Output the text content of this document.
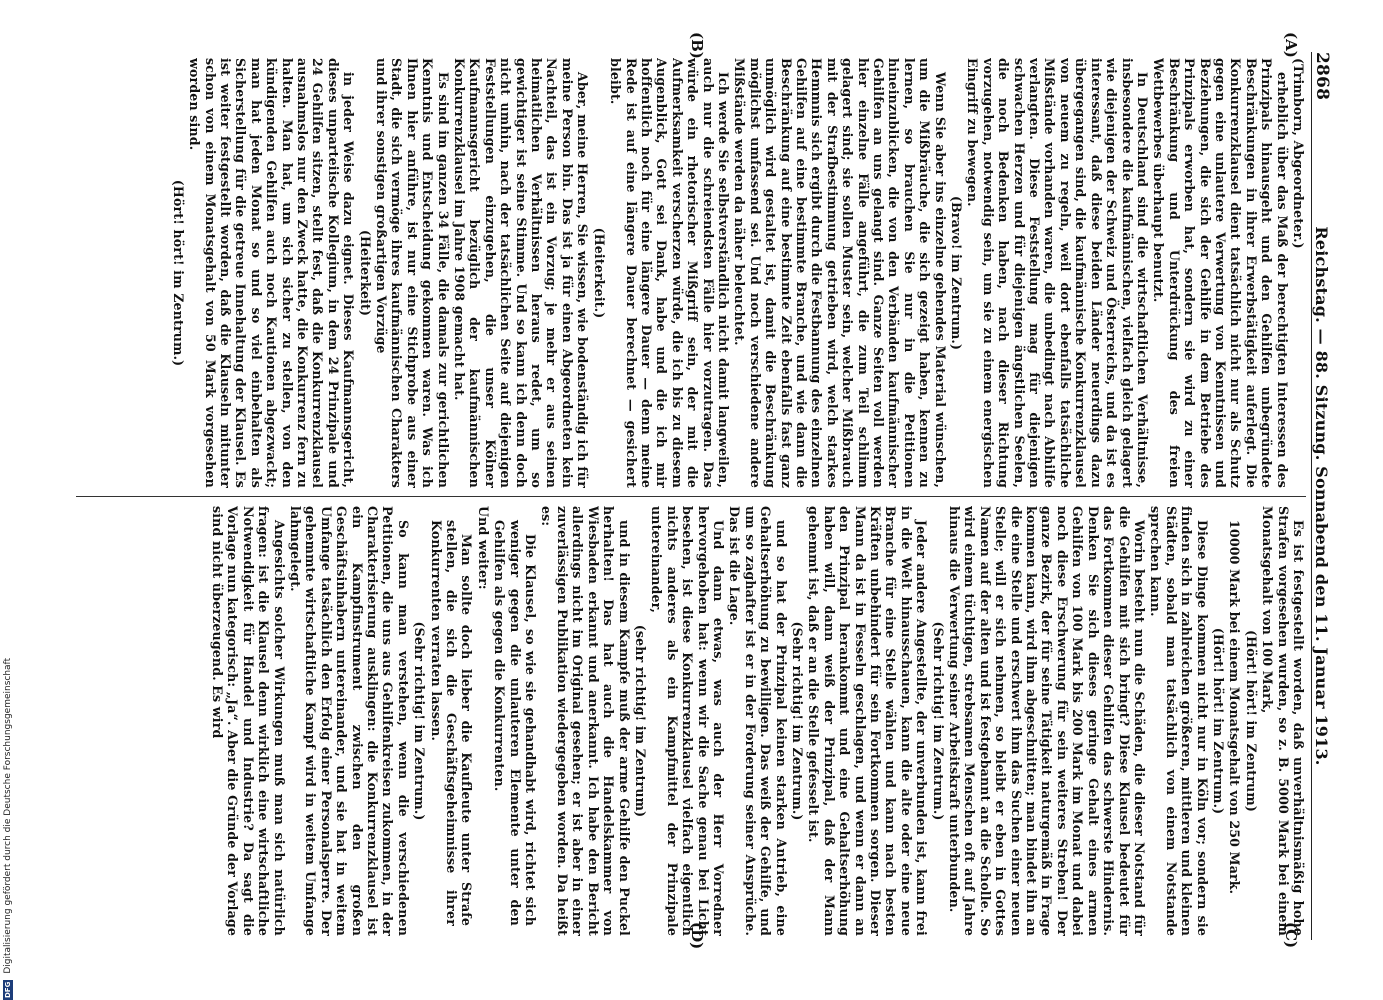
2868
Reichstag. — 88. Sitzung. Sonnabend den 11. Januar 1913.
(A)
(B)
(C)
(D)

(Trimborn, Abgeordneter.)

erheblich über das Maß der berechtigten Interessen des Prinzipals hinausgeht und den Gehilfen unbegründete Beschränkungen in ihrer Erwerbstätigkeit auferlegt. Die Konkurrenzklausel dient tatsächlich nicht nur als Schutz gegen eine unlautere Verwertung von Kenntnissen und Beziehungen, die sich der Gehilfe in dem Betriebe des Prinzipals erworben hat, sondern sie wird zu einer Beschränkung und Unterdrückung des freien Wettbewerbes überhaupt benutzt.

In Deutschland sind die wirtschaftlichen Verhältnisse, insbesondere die kaufmännischen, vielfach gleich gelagert wie diejenigen der Schweiz und Österreichs, und da ist es interessant, daß diese beiden Länder neuerdings dazu übergegangen sind, die kaufmännische Konkurrenzklausel von neuem zu regeln, weil dort ebenfalls tatsächliche Mißstände vorhanden waren, die unbedingt nach Abhilfe verlangten. Diese Feststellung mag für diejenigen schwachen Herzen und für diejenigen ängstlichen Seelen, die noch Bedenken haben, nach dieser Richtung vorzugehen, notwendig sein, um sie zu einem energischen Eingriff zu bewegen.

(Bravo! im Zentrum.)

Wenn Sie aber ins einzelne gehendes Material wünschen, um die Mißbräuche, die sich gezeigt haben, kennen zu lernen, so brauchen Sie nur in die Petitionen hineinzublicken, die von den Verbänden kaufmännischer Gehilfen an uns gelangt sind. Ganze Seiten voll werden hier einzelne Fälle angeführt, die zum Teil schlimm gelagert sind; sie sollen Muster sein, welcher Mißbrauch mit der Strafbestimmung getrieben wird, welch starkes Hemmnis sich ergibt durch die Festbannung des einzelnen Gehilfen auf eine bestimmte Branche, und wie dann die Beschränkung auf eine bestimmte Zeit ebenfalls fast ganz unmöglich wird gestaltet ist, damit die Beschränkung möglichst umfassend sei. Und noch verschiedene andere Mißstände werden da näher beleuchtet.

Ich werde Sie selbstverständlich nicht damit langweilen, auch nur die schreiendsten Fälle hier vorzutragen. Das würde ein rhetorischer Mißgriff sein, der mit die Aufmerksamkeit verscherzen würde, die ich bis zu diesem Augenblick, Gott sei Dank, habe und die ich mir hoffentlich noch für eine längere Dauer — denn meine Rede ist auf eine längere Dauer berechnet — gesichert bleibt.

(Heiterkeit.)

Aber, meine Herren, Sie wissen, wie bodenständig ich für meine Person bin. Das ist ja für einen Abgeordneten kein Nachteil, das ist ein Vorzug; je mehr er aus seinen heimatlichen Verhältnissen heraus redet, um so gewichtiger ist seine Stimme. Und so kann ich denn doch nicht umhin, nach der tatsächlichen Seite auf diejenigen Feststellungen einzugehen, die unser Kölner Kaufmannsgericht bezüglich der kaufmännischen Konkurrenzklausel im Jahre 1908 gemacht hat.

Es sind im ganzen 34 Fälle, die damals zur gerichtlichen Kenntnis und Entscheidung gekommen waren. Was ich Ihnen hier anführe, ist nur eine Stichprobe aus einer Stadt, die sich vermöge ihres kaufmännischen Charakters und ihrer sonstigen großartigen Vorzüge

(Heiterkeit)

in jeder Weise dazu eignet. Dieses Kaufmannsgericht, dieses unparteiische Kollegium, in dem 24 Prinzipale und 24 Gehilfen sitzen, stellt fest, daß die Konkurrenzklausel ausnahmslos nur den Zweck hatte, die Konkurrenz fern zu halten. Man hat, um sich sicher zu stellen, von den kündigenden Gehilfen auch noch Kautionen abgezwackt; man hat jeden Monat so und so viel einbehalten als Sicherstellung für die getreue Innehaltung der Klausel. Es ist weiter festgestellt worden, daß die Klauseln mitunter schon von einem Monatsgehalt von 50 Mark vorgesehen worden sind.

(Hört! hört! im Zentrum.)

Es ist festgestellt worden, daß unverhältnismäßig hohe Strafen vorgesehen wurden, so z. B. 5000 Mark bei einem Monatsgehalt von 100 Mark,

(Hört! hört! im Zentrum)

10000 Mark bei einem Monatsgehalt von 250 Mark.

(Hört! hört! im Zentrum.)

Diese Dinge kommen nicht nur in Köln vor; sondern sie finden sich in zahlreichen größeren, mittleren und kleinen Städten, sobald man tatsächlich von einem Notstande sprechen kann.

Worin besteht nun die Schäden, die dieser Notstand für die Gehilfen mit sich bringt? Diese Klausel bedeutet für das Fortkommen dieser Gehilfen das schwerste Hindernis. Denken Sie sich dieses geringe Gehalt eines armen Gehilfen von 100 Mark bis 200 Mark im Monat und dabei noch diese Erschwerung für sein weiteres Streben! Der ganze Bezirk, der für seine Tätigkeit naturgemäß in Frage kommen kann, wird ihm abgeschnitten; man bindet ihn an die eine Stelle und erschwert ihm das Suchen einer neuen Stelle; will er sich nehmen, so bleibt er eben in Gottes Namen auf der alten und ist festgebannt an die Scholle. So wird einem tüchtigen, strebsamen Menschen oft auf Jahre hinaus die Verwertung seiner Arbeitskraft unterbunden.

(Sehr richtig! im Zentrum.)

Jeder andere Angestellte, der unverbunden ist, kann frei in die Welt hinausschauen, kann die alte oder eine neue Branche für eine Stelle wählen und kann nach besten Kräften unbehindert für sein Fortkommen sorgen. Dieser Mann da ist in Fesseln geschlagen, und wenn er dann an den Prinzipal herankommt und eine Gehaltserhöhung haben will, dann weiß der Prinzipal, daß der Mann gehemmt ist, daß er an die Stelle gefesselt ist.

(Sehr richtig! im Zentrum.)

und so hat der Prinzipal keinen starken Antrieb, eine Gehaltserhöhung zu bewilligen. Das weiß der Gehilfe, und um so zaghafter ist er in der Forderung seiner Ansprüche. Das ist die Lage.

Und dann etwas, was auch der Herr Vorredner hervorgehoben hat: wenn wir die Sache genau bei Licht besehen, ist diese Konkurrenzklausel vielfach eigentlich nichts anderes als ein Kampfmittel der Prinzipale untereinander,

(sehr richtig! im Zentrum)

und in diesem Kampfe muß der arme Gehilfe den Puckel herhalten! Das hat auch die Handelskammer von Wiesbaden erkannt und anerkannt. Ich habe den Bericht allerdings nicht im Original gesehen; er ist aber in einer zuverlässigen Publikation wiedergegeben worden. Da heißt es:

Die Klausel, so wie sie gehandhabt wird, richtet sich weniger gegen die unlauteren Elemente unter den Gehilfen als gegen die Konkurrenten.

Und weiter:

Man sollte doch lieber die Kaufleute unter Strafe stellen, die sich die Geschäftsgeheimnisse ihrer Konkurrenten verraten lassen.

(Sehr richtig! im Zentrum.)

So kann man verstehen, wenn die verschiedenen Petitionen, die uns aus Gehilfenkreisen zukommen, in der Charakterisierung ausklingen: die Konkurrenzklausel ist ein Kampfinstrument zwischen den großen Geschäftsinhabern untereinander, und sie hat in weitem Umfange tatsächlich den Erfolg einer Personalsperre. Der gehemmte wirtschaftliche Kampf wird in weitem Umfange lahmgelegt.

Angesichts solcher Wirkungen muß man sich natürlich fragen: ist die Klausel denn wirklich eine wirtschaftliche Notwendigkeit für Handel und Industrie? Da sagt die Vorlage nun kategorisch: „Ja“. Aber die Gründe der Vorlage sind nicht überzeugend. Es wird

DFG
Digitalisierung gefördert durch die Deutsche Forschungsgemeinschaft
